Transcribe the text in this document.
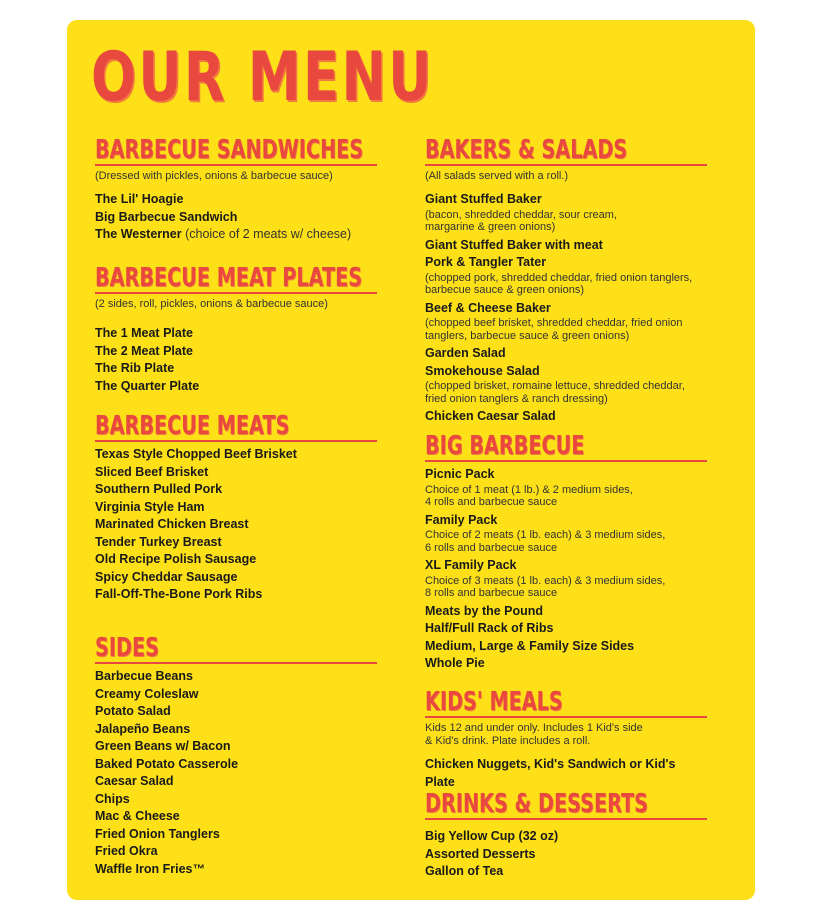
OUR MENU
BARBECUE SANDWICHES
(Dressed with pickles, onions & barbecue sauce)
The Lil' Hoagie
Big Barbecue Sandwich
The Westerner (choice of 2 meats w/ cheese)
BARBECUE MEAT PLATES
(2 sides, roll, pickles, onions & barbecue sauce)
The 1 Meat Plate
The 2 Meat Plate
The Rib Plate
The Quarter Plate
BARBECUE MEATS
Texas Style Chopped Beef Brisket
Sliced Beef Brisket
Southern Pulled Pork
Virginia Style Ham
Marinated Chicken Breast
Tender Turkey Breast
Old Recipe Polish Sausage
Spicy Cheddar Sausage
Fall-Off-The-Bone Pork Ribs
SIDES
Barbecue Beans
Creamy Coleslaw
Potato Salad
Jalapeño Beans
Green Beans w/ Bacon
Baked Potato Casserole
Caesar Salad
Chips
Mac & Cheese
Fried Onion Tanglers
Fried Okra
Waffle Iron Fries™
BAKERS & SALADS
(All salads served with a roll.)
Giant Stuffed Baker
(bacon, shredded cheddar, sour cream,
margarine & green onions)
Giant Stuffed Baker with meat
Pork & Tangler Tater
(chopped pork, shredded cheddar, fried onion tanglers,
barbecue sauce & green onions)
Beef & Cheese Baker
(chopped beef brisket, shredded cheddar, fried onion
tanglers, barbecue sauce & green onions)
Garden Salad
Smokehouse Salad
(chopped brisket, romaine lettuce, shredded cheddar,
fried onion tanglers & ranch dressing)
Chicken Caesar Salad
BIG BARBECUE
Picnic Pack
Choice of 1 meat (1 lb.) & 2 medium sides,
4 rolls and barbecue sauce
Family Pack
Choice of 2 meats (1 lb. each) & 3 medium sides,
6 rolls and barbecue sauce
XL Family Pack
Choice of 3 meats (1 lb. each) & 3 medium sides,
8 rolls and barbecue sauce
Meats by the Pound
Half/Full Rack of Ribs
Medium, Large & Family Size Sides
Whole Pie
KIDS' MEALS
Kids 12 and under only. Includes 1 Kid's side
& Kid's drink. Plate includes a roll.
Chicken Nuggets, Kid's Sandwich or Kid's Plate
DRINKS & DESSERTS
Big Yellow Cup (32 oz)
Assorted Desserts
Gallon of Tea
